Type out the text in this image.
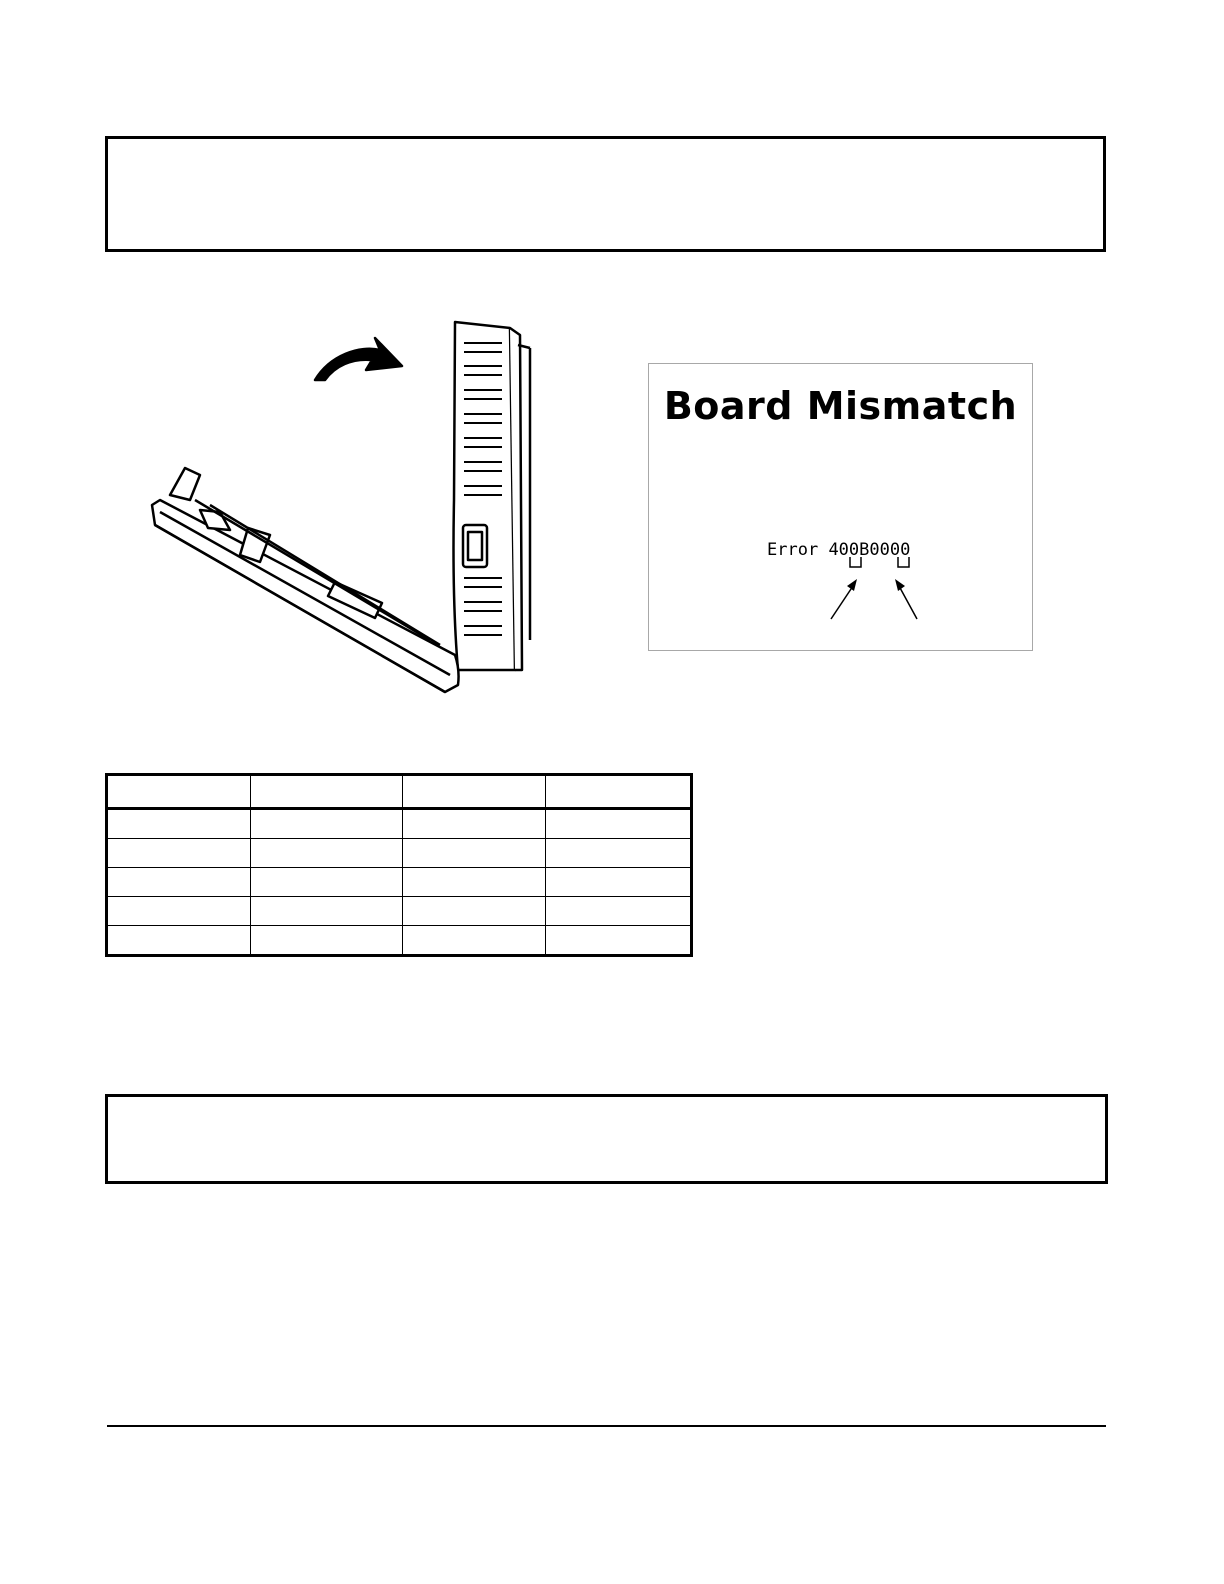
Board Mismatch
Error 400B0000
